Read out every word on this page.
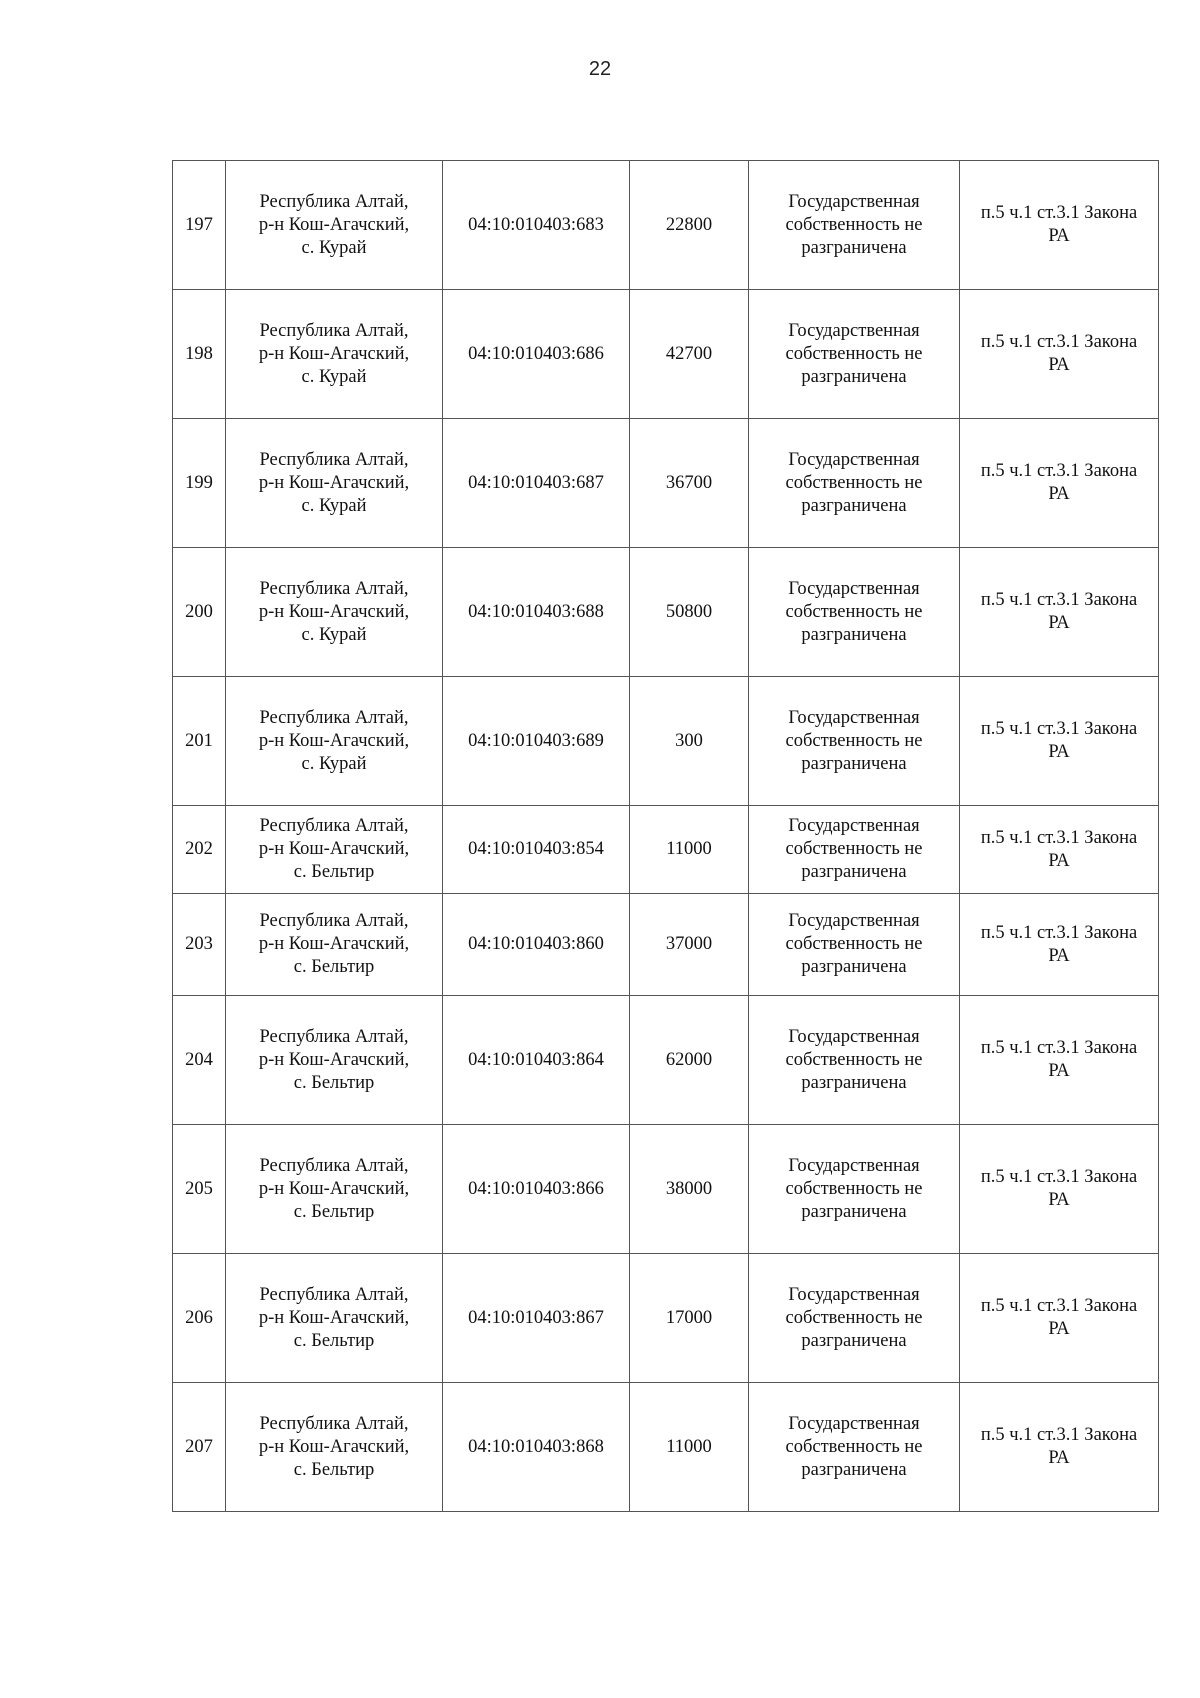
22
197	Республика Алтай,
р-н Кош-Агачский,
с. Курай	04:10:010403:683	22800	Государственная
собственность не
разграничена	п.5 ч.1 ст.3.1 Закона
РА
198	Республика Алтай,
р-н Кош-Агачский,
с. Курай	04:10:010403:686	42700	Государственная
собственность не
разграничена	п.5 ч.1 ст.3.1 Закона
РА
199	Республика Алтай,
р-н Кош-Агачский,
с. Курай	04:10:010403:687	36700	Государственная
собственность не
разграничена	п.5 ч.1 ст.3.1 Закона
РА
200	Республика Алтай,
р-н Кош-Агачский,
с. Курай	04:10:010403:688	50800	Государственная
собственность не
разграничена	п.5 ч.1 ст.3.1 Закона
РА
201	Республика Алтай,
р-н Кош-Агачский,
с. Курай	04:10:010403:689	300	Государственная
собственность не
разграничена	п.5 ч.1 ст.3.1 Закона
РА
202	Республика Алтай,
р-н Кош-Агачский,
с. Бельтир	04:10:010403:854	11000	Государственная
собственность не
разграничена	п.5 ч.1 ст.3.1 Закона
РА
203	Республика Алтай,
р-н Кош-Агачский,
с. Бельтир	04:10:010403:860	37000	Государственная
собственность не
разграничена	п.5 ч.1 ст.3.1 Закона
РА
204	Республика Алтай,
р-н Кош-Агачский,
с. Бельтир	04:10:010403:864	62000	Государственная
собственность не
разграничена	п.5 ч.1 ст.3.1 Закона
РА
205	Республика Алтай,
р-н Кош-Агачский,
с. Бельтир	04:10:010403:866	38000	Государственная
собственность не
разграничена	п.5 ч.1 ст.3.1 Закона
РА
206	Республика Алтай,
р-н Кош-Агачский,
с. Бельтир	04:10:010403:867	17000	Государственная
собственность не
разграничена	п.5 ч.1 ст.3.1 Закона
РА
207	Республика Алтай,
р-н Кош-Агачский,
с. Бельтир	04:10:010403:868	11000	Государственная
собственность не
разграничена	п.5 ч.1 ст.3.1 Закона
РА
